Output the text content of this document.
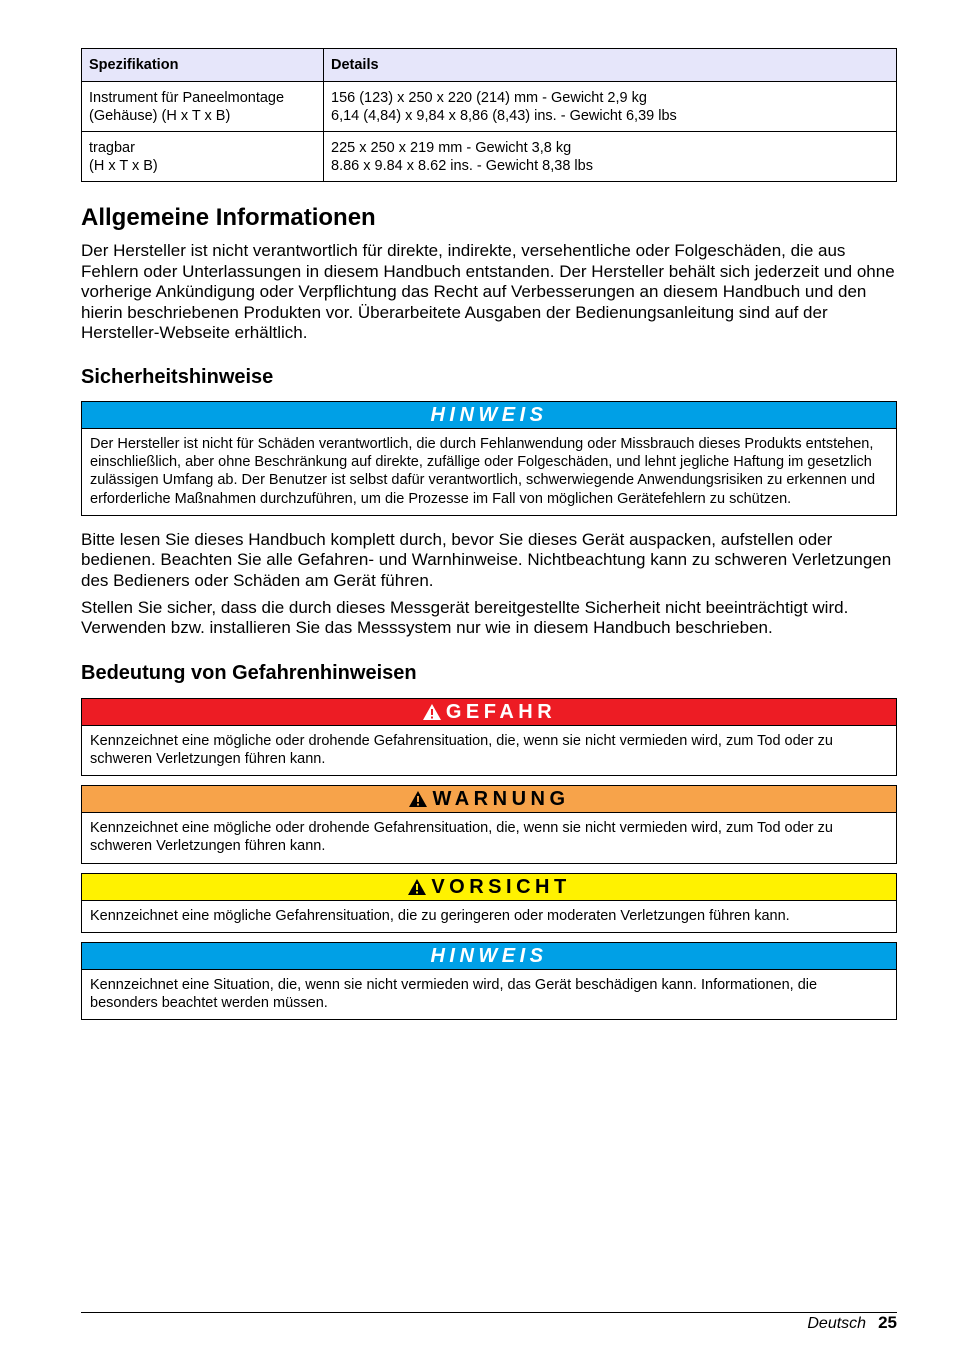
Spezifikation	Details

Instrument für Paneelmontage
(Gehäuse) (H x T x B)	156 (123) x 250 x 220 (214) mm - Gewicht 2,9 kg
6,14 (4,84) x 9,84 x 8,86 (8,43) ins. - Gewicht 6,39 lbs

tragbar
(H x T x B)	225 x 250 x 219 mm - Gewicht 3,8 kg
8.86 x 9.84 x 8.62 ins. - Gewicht 8,38 lbs
Allgemeine Informationen

Der Hersteller ist nicht verantwortlich für direkte, indirekte, versehentliche oder Folgeschäden, die aus Fehlern oder Unterlassungen in diesem Handbuch entstanden. Der Hersteller behält sich jederzeit und ohne vorherige Ankündigung oder Verpflichtung das Recht auf Verbesserungen an diesem Handbuch und den hierin beschriebenen Produkten vor. Überarbeitete Ausgaben der Bedienungsanleitung sind auf der Hersteller-Webseite erhältlich.

Sicherheitshinweise
HINWEIS
Der Hersteller ist nicht für Schäden verantwortlich, die durch Fehlanwendung oder Missbrauch dieses Produkts entstehen, einschließlich, aber ohne Beschränkung auf direkte, zufällige oder Folgeschäden, und lehnt jegliche Haftung im gesetzlich zulässigen Umfang ab. Der Benutzer ist selbst dafür verantwortlich, schwerwiegende Anwendungsrisiken zu erkennen und erforderliche Maßnahmen durchzuführen, um die Prozesse im Fall von möglichen Gerätefehlern zu schützen.

Bitte lesen Sie dieses Handbuch komplett durch, bevor Sie dieses Gerät auspacken, aufstellen oder bedienen. Beachten Sie alle Gefahren- und Warnhinweise. Nichtbeachtung kann zu schweren Verletzungen des Bedieners oder Schäden am Gerät führen.

Stellen Sie sicher, dass die durch dieses Messgerät bereitgestellte Sicherheit nicht beeinträchtigt wird. Verwenden bzw. installieren Sie das Messsystem nur wie in diesem Handbuch beschrieben.

Bedeutung von Gefahrenhinweisen
GEFAHR
Kennzeichnet eine mögliche oder drohende Gefahrensituation, die, wenn sie nicht vermieden wird, zum Tod oder zu schweren Verletzungen führen kann.
WARNUNG
Kennzeichnet eine mögliche oder drohende Gefahrensituation, die, wenn sie nicht vermieden wird, zum Tod oder zu schweren Verletzungen führen kann.
VORSICHT
Kennzeichnet eine mögliche Gefahrensituation, die zu geringeren oder moderaten Verletzungen führen kann.
HINWEIS
Kennzeichnet eine Situation, die, wenn sie nicht vermieden wird, das Gerät beschädigen kann. Informationen, die besonders beachtet werden müssen.
Deutsch 25
